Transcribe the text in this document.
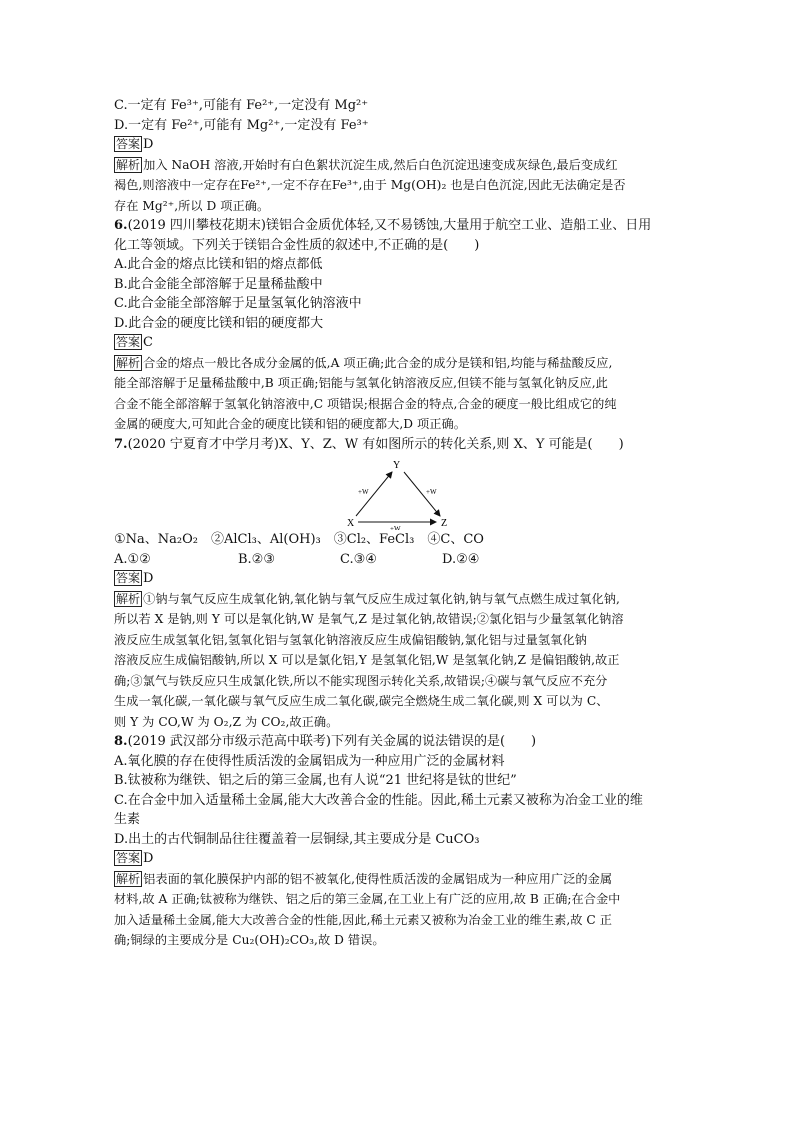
C.一定有 Fe³⁺,可能有 Fe²⁺,一定没有 Mg²⁺
D.一定有 Fe²⁺,可能有 Mg²⁺,一定没有 Fe³⁺
答案 D
解析 加入 NaOH 溶液,开始时有白色絮状沉淀生成,然后白色沉淀迅速变成灰绿色,最后变成红
褐色,则溶液中一定存在Fe²⁺,一定不存在Fe³⁺,由于 Mg(OH)₂ 也是白色沉淀,因此无法确定是否
存在 Mg²⁺,所以 D 项正确。
6.(2019 四川攀枝花期末)镁铝合金质优体轻,又不易锈蚀,大量用于航空工业、造船工业、日用
化工等领域。下列关于镁铝合金性质的叙述中,不正确的是(　　)
A.此合金的熔点比镁和铝的熔点都低
B.此合金能全部溶解于足量稀盐酸中
C.此合金能全部溶解于足量氢氧化钠溶液中
D.此合金的硬度比镁和铝的硬度都大
答案 C
解析 合金的熔点一般比各成分金属的低,A 项正确;此合金的成分是镁和铝,均能与稀盐酸反应,
能全部溶解于足量稀盐酸中,B 项正确;铝能与氢氧化钠溶液反应,但镁不能与氢氧化钠反应,此
合金不能全部溶解于氢氧化钠溶液中,C 项错误;根据合金的特点,合金的硬度一般比组成它的纯
金属的硬度大,可知此合金的硬度比镁和铝的硬度都大,D 项正确。
7.(2020 宁夏育才中学月考)X、Y、Z、W 有如图所示的转化关系,则 X、Y 可能是(　　)
Y
X	Z
+W	+W
+W
①Na、Na₂O₂　②AlCl₃、Al(OH)₃　③Cl₂、FeCl₃　④C、CO
A.①②	B.②③	C.③④	D.②④
答案 D
解析 ①钠与氧气反应生成氧化钠,氧化钠与氧气反应生成过氧化钠,钠与氧气点燃生成过氧化钠,
所以若 X 是钠,则 Y 可以是氧化钠,W 是氧气,Z 是过氧化钠,故错误;②氯化铝与少量氢氧化钠溶
液反应生成氢氧化铝,氢氧化铝与氢氧化钠溶液反应生成偏铝酸钠,氯化铝与过量氢氧化钠
溶液反应生成偏铝酸钠,所以 X 可以是氯化铝,Y 是氢氧化铝,W 是氢氧化钠,Z 是偏铝酸钠,故正
确;③氯气与铁反应只生成氯化铁,所以不能实现图示转化关系,故错误;④碳与氧气反应不充分
生成一氧化碳,一氧化碳与氧气反应生成二氧化碳,碳完全燃烧生成二氧化碳,则 X 可以为 C、
则 Y 为 CO,W 为 O₂,Z 为 CO₂,故正确。
8.(2019 武汉部分市级示范高中联考)下列有关金属的说法错误的是(　　)
A.氧化膜的存在使得性质活泼的金属铝成为一种应用广泛的金属材料
B.钛被称为继铁、铝之后的第三金属,也有人说“21 世纪将是钛的世纪”
C.在合金中加入适量稀土金属,能大大改善合金的性能。因此,稀土元素又被称为冶金工业的维
生素
D.出土的古代铜制品往往覆盖着一层铜绿,其主要成分是 CuCO₃
答案 D
解析 铝表面的氧化膜保护内部的铝不被氧化,使得性质活泼的金属铝成为一种应用广泛的金属
材料,故 A 正确;钛被称为继铁、铝之后的第三金属,在工业上有广泛的应用,故 B 正确;在合金中
加入适量稀土金属,能大大改善合金的性能,因此,稀土元素又被称为冶金工业的维生素,故 C 正
确;铜绿的主要成分是 Cu₂(OH)₂CO₃,故 D 错误。
